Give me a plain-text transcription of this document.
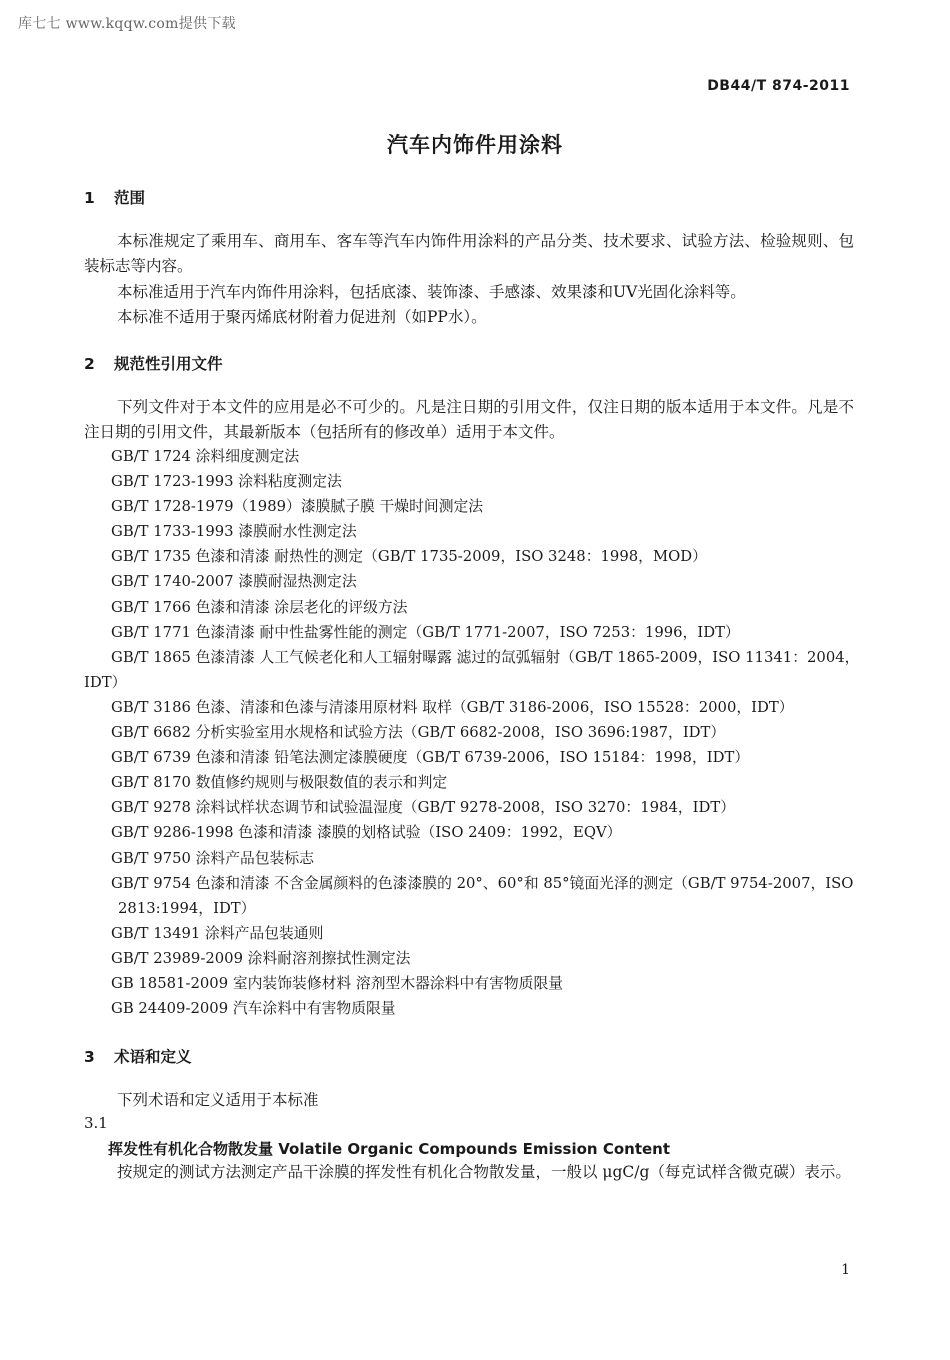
库七七 www.kqqw.com提供下载
DB44/T 874-2011
汽车内饰件用涂料
1 范围
本标准规定了乘用车、商用车、客车等汽车内饰件用涂料的产品分类、技术要求、试验方法、检验规则、包装标志等内容。
本标准适用于汽车内饰件用涂料，包括底漆、装饰漆、手感漆、效果漆和UV光固化涂料等。
本标准不适用于聚丙烯底材附着力促进剂（如PP水）。
2 规范性引用文件
下列文件对于本文件的应用是必不可少的。凡是注日期的引用文件，仅注日期的版本适用于本文件。凡是不注日期的引用文件，其最新版本（包括所有的修改单）适用于本文件。
GB/T 1724 涂料细度测定法
GB/T 1723-1993 涂料粘度测定法
GB/T 1728-1979（1989）漆膜腻子膜 干燥时间测定法
GB/T 1733-1993 漆膜耐水性测定法
GB/T 1735 色漆和清漆 耐热性的测定（GB/T 1735-2009，ISO 3248：1998，MOD）
GB/T 1740-2007 漆膜耐湿热测定法
GB/T 1766 色漆和清漆 涂层老化的评级方法
GB/T 1771 色漆清漆 耐中性盐雾性能的测定（GB/T 1771-2007，ISO 7253：1996，IDT）
GB/T 1865 色漆清漆 人工气候老化和人工辐射曝露 滤过的氙弧辐射（GB/T 1865-2009，ISO 11341：2004，IDT）
GB/T 3186 色漆、清漆和色漆与清漆用原材料 取样（GB/T 3186-2006，ISO 15528：2000，IDT）
GB/T 6682 分析实验室用水规格和试验方法（GB/T 6682-2008，ISO 3696:1987，IDT）
GB/T 6739 色漆和清漆 铅笔法测定漆膜硬度（GB/T 6739-2006，ISO 15184：1998，IDT）
GB/T 8170 数值修约规则与极限数值的表示和判定
GB/T 9278 涂料试样状态调节和试验温湿度（GB/T 9278-2008，ISO 3270：1984，IDT）
GB/T 9286-1998 色漆和清漆 漆膜的划格试验（ISO 2409：1992，EQV）
GB/T 9750 涂料产品包装标志
GB/T 9754 色漆和清漆 不含金属颜料的色漆漆膜的 20°、60°和 85°镜面光泽的测定（GB/T 9754-2007，ISO 2813:1994，IDT）
GB/T 13491 涂料产品包装通则
GB/T 23989-2009 涂料耐溶剂擦拭性测定法
GB 18581-2009 室内装饰装修材料 溶剂型木器涂料中有害物质限量
GB 24409-2009 汽车涂料中有害物质限量
3 术语和定义
下列术语和定义适用于本标准
3.1
挥发性有机化合物散发量 Volatile Organic Compounds Emission Content
按规定的测试方法测定产品干涂膜的挥发性有机化合物散发量，一般以 μgC/g（每克试样含微克碳）表示。
1
